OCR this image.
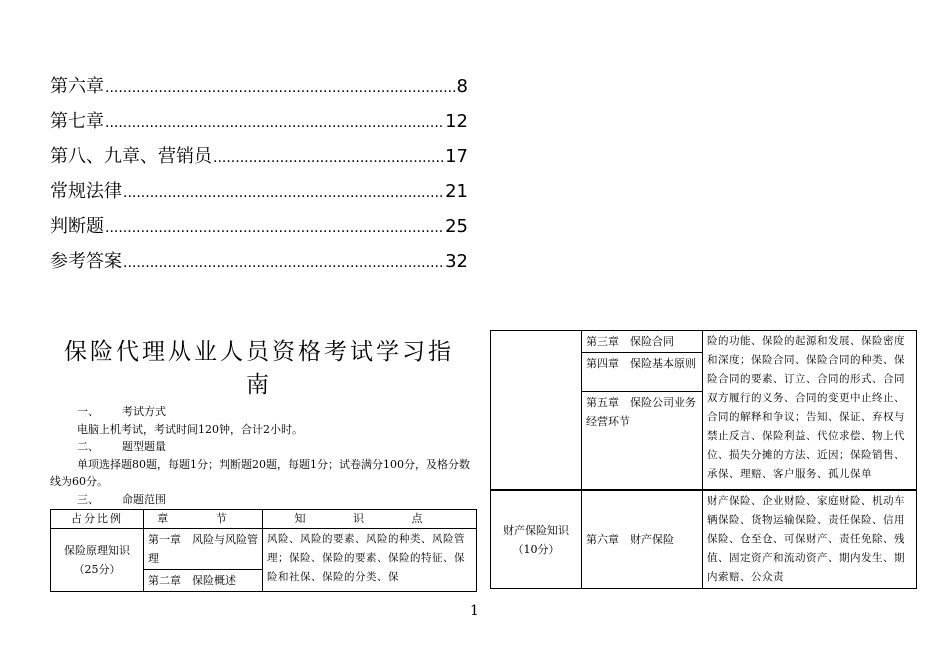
第六章 .....	8
第七章 .....	12
第八、九章、营销员 .....	17
常规法律 .....	21
判断题 .....	25
参考答案 .....	32
保险代理从业人员资格考试学习指
南
一、 考试方式
电脑上机考试，考试时间120钟，合计2小时。
二、 题型题量
单项选择题80题，每题1分；判断题20题，每题1分；试卷满分100分，及格分数线为60分。
三、 命题范围
占分比例	章 节	知 识 点

保险原理知识
（25分）	第一章　风险与风险管理	风险、风险的要素、风险的种类、风险管理；保险、保险的要素、保险的特征、保险和社保、保险的分类、保
	第二章　保险概述	
	第三章　保险合同	险的功能、保险的起源和发展、保险密度和深度；保险合同、保险合同的种类、保险合同的要素、订立、合同的形式、合同双方履行的义务、合同的变更中止终止、合同的解释和争议；告知、保证、弃权与禁止反言、保险利益、代位求偿、物上代位、损失分摊的方法、近因；保险销售、承保、理赔、客户服务、孤儿保单
	第四章　保险基本原则	
	第五章　保险公司业务经营环节	
财产保险知识（10分）	第六章　财产保险	财产保险、企业财险、家庭财险、机动车辆保险、货物运输保险、责任保险、信用保险、仓至仓、可保财产、责任免除、残值、固定资产和流动资产、期内发生、期内索赔、公众责
1
